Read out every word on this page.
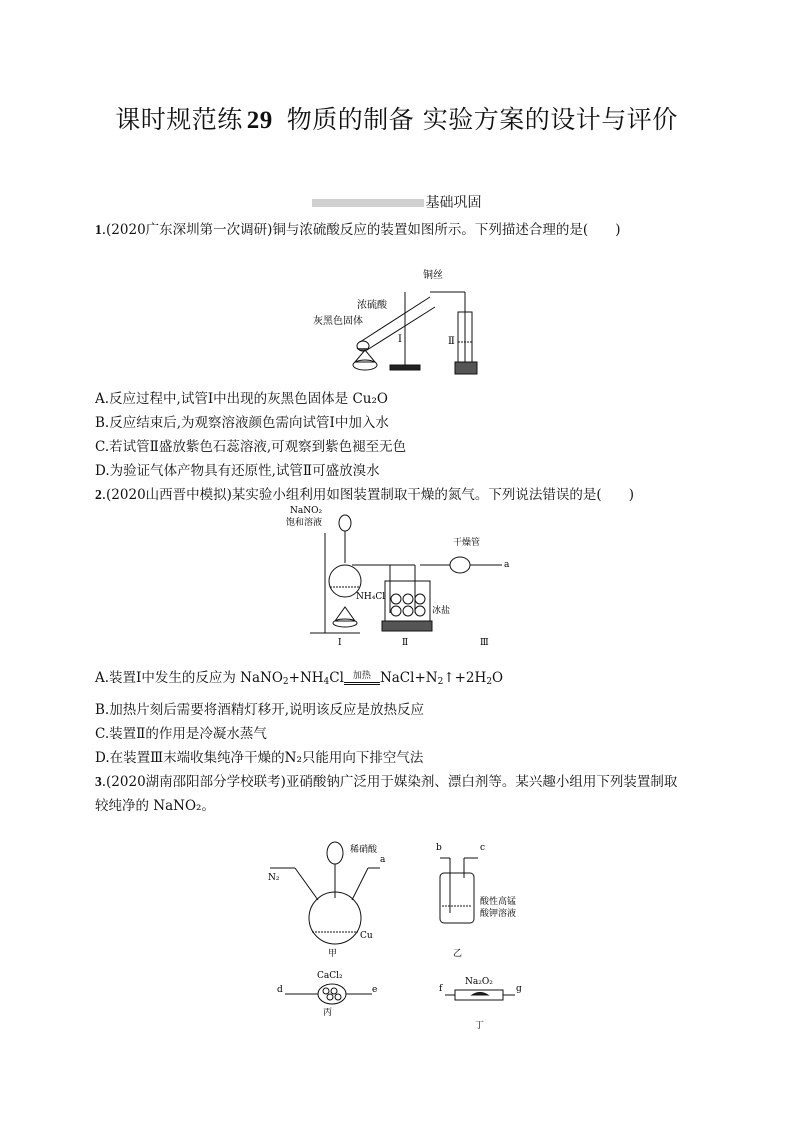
课时规范练 29 物质的制备 实验方案的设计与评价
基础巩固
1.(2020广东深圳第一次调研)铜与浓硫酸反应的装置如图所示。下列描述合理的是(　　)
铜丝
浓硫酸
灰黑色固体
Ⅰ	Ⅱ
A.反应过程中,试管Ⅰ中出现的灰黑色固体是 Cu₂O
B.反应结束后,为观察溶液颜色需向试管Ⅰ中加入水
C.若试管Ⅱ盛放紫色石蕊溶液,可观察到紫色褪至无色
D.为验证气体产物具有还原性,试管Ⅱ可盛放溴水
2.(2020山西晋中模拟)某实验小组利用如图装置制取干燥的氮气。下列说法错误的是(　　)
NaNO₂
饱和溶液
NH₄Cl
干燥管
冰盐
a
Ⅰ	Ⅱ	Ⅲ
A.装置Ⅰ中发生的反应为 $NaNO_2+NH_4Cl$ 加热 $NaCl+N_2↑+2H_2O$
B.加热片刻后需要将酒精灯移开,说明该反应是放热反应
C.装置Ⅱ的作用是冷凝水蒸气
D.在装置Ⅲ末端收集纯净干燥的N₂只能用向下排空气法
3.(2020湖南邵阳部分学校联考)亚硝酸钠广泛用于媒染剂、漂白剂等。某兴趣小组用下列装置制取
较纯净的 NaNO₂。
稀硝酸
N₂
a
Cu
甲
b	c
酸性高锰
酸钾溶液
乙
CaCl₂
d	e
丙
Na₂O₂
f	g
丁
